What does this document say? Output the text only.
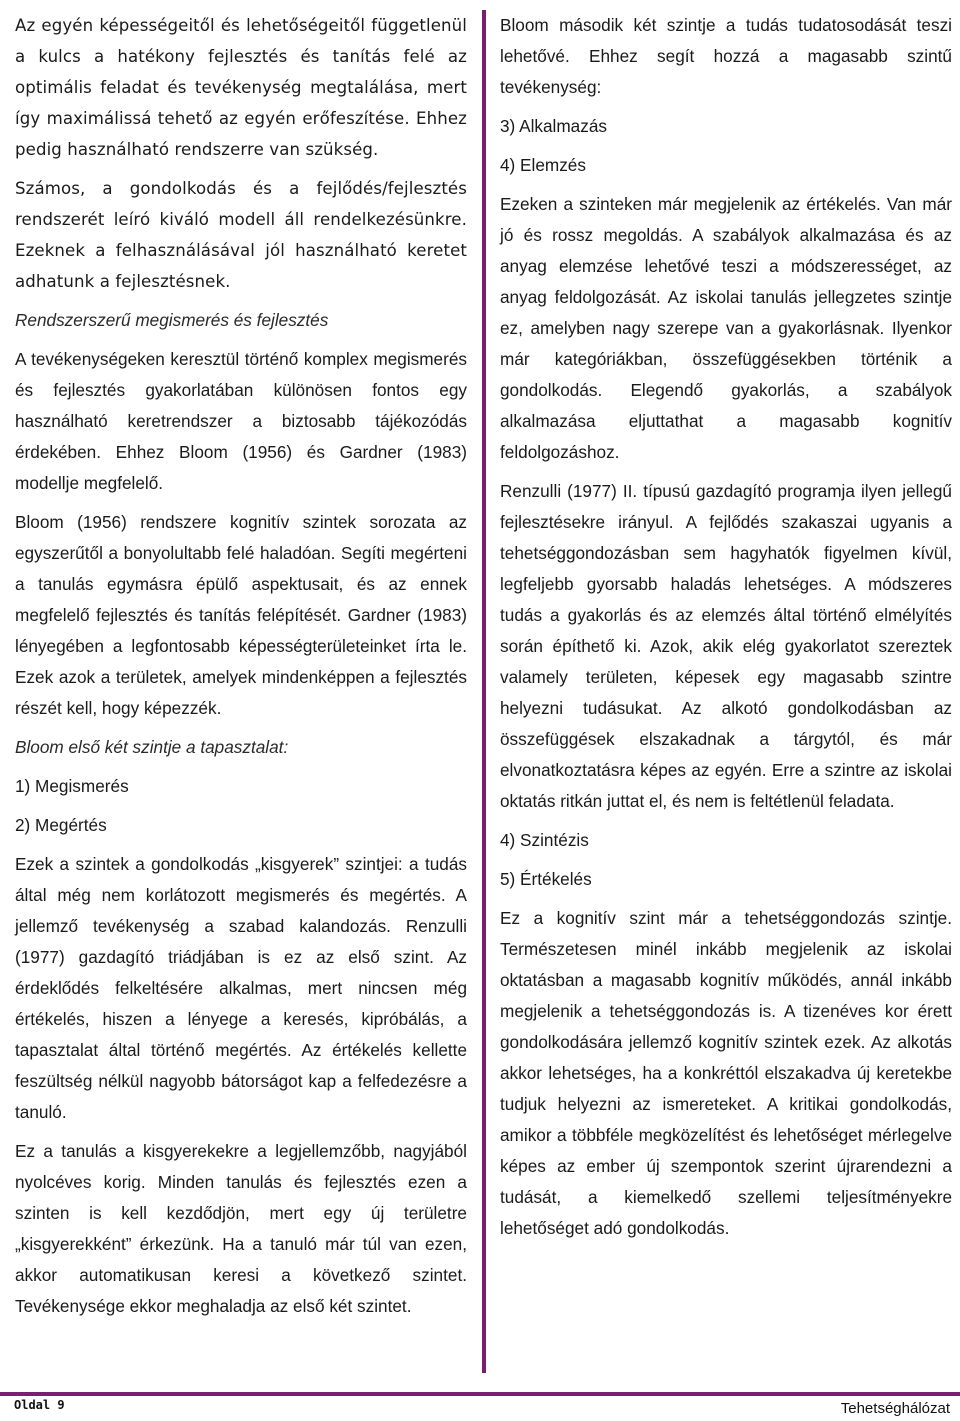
Az egyén képességeitől és lehetőségeitől függetlenül a kulcs a hatékony fejlesztés és tanítás felé az optimális feladat és tevékenység megtalálása, mert így maximálissá tehető az egyén erőfeszítése. Ehhez pedig használható rendszerre van szükség.

Számos, a gondolkodás és a fejlődés/fejlesztés rendszerét leíró kiváló modell áll rendelkezésünkre. Ezeknek a felhasználásával jól használható keretet adhatunk a fejlesztésnek.

Rendszerszerű megismerés és fejlesztés

A tevékenységeken keresztül történő komplex megismerés és fejlesztés gyakorlatában különösen fontos egy használható keretrendszer a biztosabb tájékozódás érdekében. Ehhez Bloom (1956) és Gardner (1983) modellje megfelelő.

Bloom (1956) rendszere kognitív szintek sorozata az egyszerűtől a bonyolultabb felé haladóan. Segíti megérteni a tanulás egymásra épülő aspektusait, és az ennek megfelelő fejlesztés és tanítás felépítését. Gardner (1983) lényegében a legfontosabb képességterületeinket írta le. Ezek azok a területek, amelyek mindenképpen a fejlesztés részét kell, hogy képezzék.

Bloom első két szintje a tapasztalat:

1) Megismerés

2) Megértés

Ezek a szintek a gondolkodás „kisgyerek” szintjei: a tudás által még nem korlátozott megismerés és megértés. A jellemző tevékenység a szabad kalandozás. Renzulli (1977) gazdagító triádjában is ez az első szint. Az érdeklődés felkeltésére alkalmas, mert nincsen még értékelés, hiszen a lényege a keresés, kipróbálás, a tapasztalat által történő megértés. Az értékelés kellette feszültség nélkül nagyobb bátorságot kap a felfedezésre a tanuló.

Ez a tanulás a kisgyerekekre a legjellemzőbb, nagyjából nyolcéves korig. Minden tanulás és fejlesztés ezen a szinten is kell kezdődjön, mert egy új területre „kisgyerekként” érkezünk. Ha a tanuló már túl van ezen, akkor automatikusan keresi a következő szintet. Tevékenysége ekkor meghaladja az első két szintet.

Bloom második két szintje a tudás tudatosodását teszi lehetővé. Ehhez segít hozzá a magasabb szintű tevékenység:

3) Alkalmazás

4) Elemzés

Ezeken a szinteken már megjelenik az értékelés. Van már jó és rossz megoldás. A szabályok alkalmazása és az anyag elemzése lehetővé teszi a módszerességet, az anyag feldolgozását. Az iskolai tanulás jellegzetes szintje ez, amelyben nagy szerepe van a gyakorlásnak. Ilyenkor már kategóriákban, összefüggésekben történik a gondolkodás. Elegendő gyakorlás, a szabályok alkalmazása eljuttathat a magasabb kognitív feldolgozáshoz.

Renzulli (1977) II. típusú gazdagító programja ilyen jellegű fejlesztésekre irányul. A fejlődés szakaszai ugyanis a tehetséggondozásban sem hagyhatók figyelmen kívül, legfeljebb gyorsabb haladás lehetséges. A módszeres tudás a gyakorlás és az elemzés által történő elmélyítés során építhető ki. Azok, akik elég gyakorlatot szereztek valamely területen, képesek egy magasabb szintre helyezni tudásukat. Az alkotó gondolkodásban az összefüggések elszakadnak a tárgytól, és már elvonatkoztatásra képes az egyén. Erre a szintre az iskolai oktatás ritkán juttat el, és nem is feltétlenül feladata.

4) Szintézis

5) Értékelés

Ez a kognitív szint már a tehetséggondozás szintje. Természetesen minél inkább megjelenik az iskolai oktatásban a magasabb kognitív működés, annál inkább megjelenik a tehetséggondozás is. A tizenéves kor érett gondolkodására jellemző kognitív szintek ezek. Az alkotás akkor lehetséges, ha a konkréttól elszakadva új keretekbe tudjuk helyezni az ismereteket. A kritikai gondolkodás, amikor a többféle megközelítést és lehetőséget mérlegelve képes az ember új szempontok szerint újrarendezni a tudását, a kiemelkedő szellemi teljesítményekre lehetőséget adó gondolkodás.

Oldal 9	Tehetséghálózat
